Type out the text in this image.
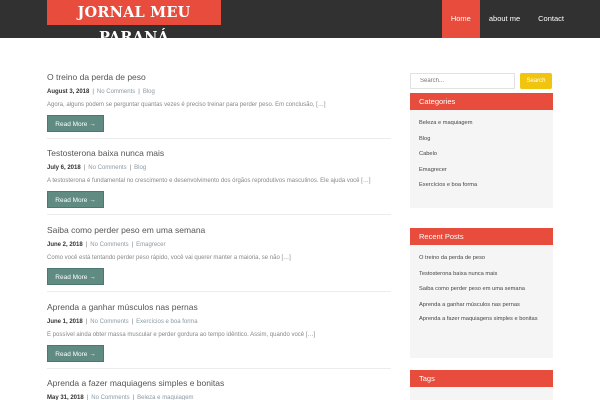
JORNAL MEU PARANÁ
Home	about me	Contact
O treino da perda de peso
August 3, 2018 | No Comments | Blog
Agora, alguns podem se perguntar quantas vezes é preciso treinar para perder peso. Em conclusão, […]
Read More →
Testosterona baixa nunca mais
July 6, 2018 | No Comments | Blog
A testosterona é fundamental no crescimento e desenvolvimento dos órgãos reprodutivos masculinos. Ele ajuda você […]
Read More →
Saiba como perder peso em uma semana
June 2, 2018 | No Comments | Emagrecer
Como você está tentando perder peso rápido, você vai querer manter a maioria, se não […]
Read More →
Aprenda a ganhar músculos nas pernas
June 1, 2018 | No Comments | Exercícios e boa forma
É possível ainda obter massa muscular e perder gordura ao tempo idêntico. Assim, quando você […]
Read More →
Aprenda a fazer maquiagens simples e bonitas
May 31, 2018 | No Comments | Beleza e maquiagem
Search...
Search
Categories
Beleza e maquiagem
Blog
Cabelo
Emagrecer
Exercícios e boa forma
Recent Posts
O treino da perda de peso
Testosterona baixa nunca mais
Saiba como perder peso em uma semana
Aprenda a ganhar músculos nas pernas
Aprenda a fazer maquiagens simples e bonitas
Tags
